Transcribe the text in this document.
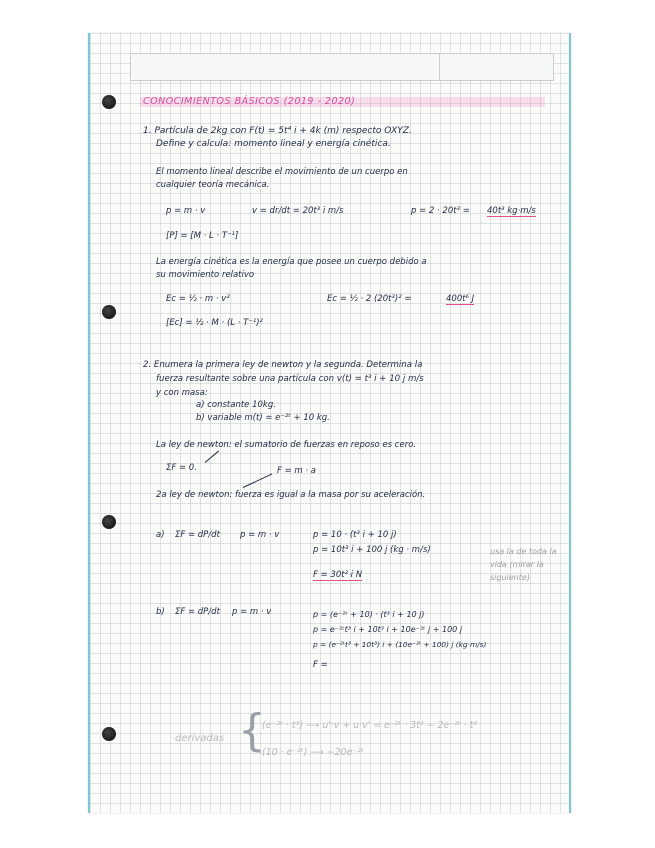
CONOCIMIENTOS BÁSICOS (2019 - 2020)
1. Partícula de 2kg con F(t) = 5t⁴ i + 4k (m) respecto OXYZ.
Define y calcula: momento lineal y energía cinética.
El momento lineal describe el movimiento de un cuerpo en
cualquier teoría mecánica.
p = m · v	v = dr/dt = 20t³ i m/s	p = 2 · 20t³ = 40t³ kg·m/s
[P] = [M · L · T⁻¹]
La energía cinética es la energía que posee un cuerpo debido a
su movimiento relativo
Ec = ½ · m · v²	Ec = ½ · 2 (20t³)² =	400t⁶ J
[Ec] = ½ · M · (L · T⁻¹)²
2. Enumera la primera ley de newton y la segunda. Determina la
fuerza resultante sobre una partícula con v(t) = t³ i + 10 j m/s
y con masa:
a) constante 10kg.
b) variable m(t) = e⁻²ᵗ + 10 kg.
La ley de newton: el sumatorio de fuerzas en reposo es cero.
ΣF = 0.	F = m · a
2a ley de newton: fuerza es igual a la masa por su aceleración.
a) ΣF = dP/dt p = m · v	p = 10 · (t³ i + 10 j)
p = 10t³ i + 100 j (kg · m/s)
F = 30t² i N
usa la de toda la vida (mirar la siguiente)
b) ΣF = dP/dt p = m · v	p = (e⁻²ᵗ + 10) · (t³ i + 10 j)
p = e⁻²ᵗt³ i + 10t³ i + 10e⁻²ᵗ j + 100 j
p = (e⁻²ᵗt³ + 10t³) i + (10e⁻²ᵗ + 100) j (kg·m/s)
F =
derivadas {
(e⁻²ᵗ · t³) ⟶ u'·v + u·v' = e⁻²ᵗ · 3t² − 2e⁻²ᵗ · t³
(10 · e⁻²ᵗ) ⟶ −20e⁻²ᵗ
